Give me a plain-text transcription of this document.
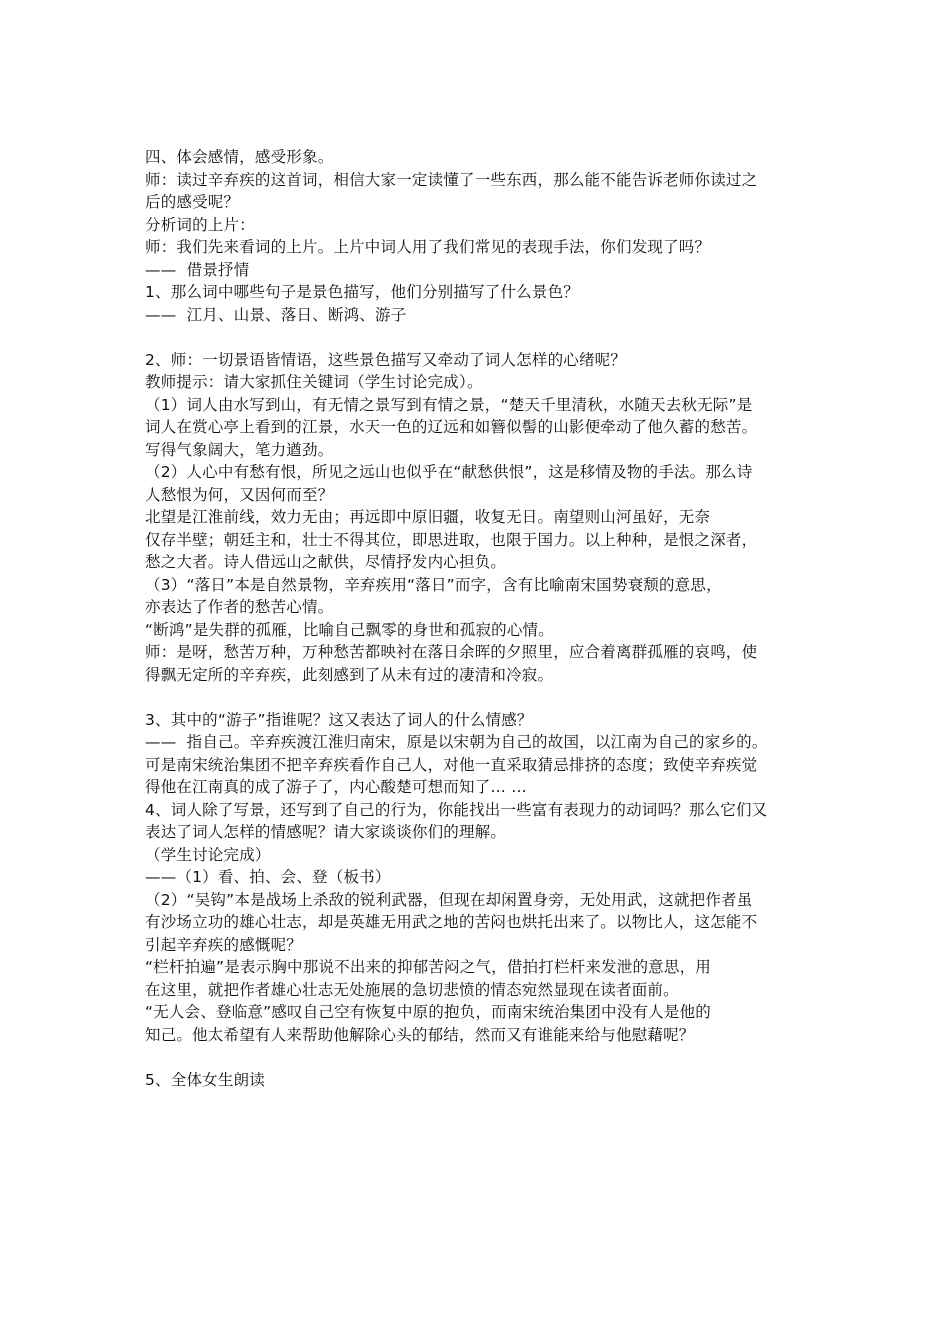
四、体会感情，感受形象。

师：读过辛弃疾的这首词，相信大家一定读懂了一些东西，那么能不能告诉老师你读过之

后的感受呢？

分析词的上片：

师：我们先来看词的上片。上片中词人用了我们常见的表现手法，你们发现了吗？

——  借景抒情

1、那么词中哪些句子是景色描写，他们分别描写了什么景色？

——  江月、山景、落日、断鸿、游子

2、师：一切景语皆情语，这些景色描写又牵动了词人怎样的心绪呢？

教师提示：请大家抓住关键词（学生讨论完成）。

（1）词人由水写到山，有无情之景写到有情之景，“楚天千里清秋，水随天去秋无际”是

词人在赏心亭上看到的江景，水天一色的辽远和如簪似髻的山影便牵动了他久蓄的愁苦。

写得气象阔大，笔力遒劲。

（2）人心中有愁有恨，所见之远山也似乎在“献愁供恨”，这是移情及物的手法。那么诗

人愁恨为何，又因何而至？

北望是江淮前线，效力无由；再远即中原旧疆，收复无日。南望则山河虽好，无奈

仅存半壁；朝廷主和，壮士不得其位，即思进取，也限于国力。以上种种，是恨之深者，

愁之大者。诗人借远山之献供，尽情抒发内心担负。

（3）“落日”本是自然景物，辛弃疾用“落日”而字，含有比喻南宋国势衰颓的意思，

亦表达了作者的愁苦心情。

“断鸿”是失群的孤雁，比喻自己飘零的身世和孤寂的心情。

师：是呀，愁苦万种，万种愁苦都映衬在落日余晖的夕照里，应合着离群孤雁的哀鸣，使

得飘无定所的辛弃疾，此刻感到了从未有过的凄清和冷寂。

3、其中的“游子”指谁呢？这又表达了词人的什么情感？

——  指自己。辛弃疾渡江淮归南宋，原是以宋朝为自己的故国，以江南为自己的家乡的。

可是南宋统治集团不把辛弃疾看作自己人，对他一直采取猜忌排挤的态度；致使辛弃疾觉

得他在江南真的成了游子了，内心酸楚可想而知了… …

4、词人除了写景，还写到了自己的行为，你能找出一些富有表现力的动词吗？那么它们又

表达了词人怎样的情感呢？请大家谈谈你们的理解。

（学生讨论完成）

——（1）看、拍、会、登（板书）

（2）“吴钩”本是战场上杀敌的锐利武器，但现在却闲置身旁，无处用武，这就把作者虽

有沙场立功的雄心壮志，却是英雄无用武之地的苦闷也烘托出来了。以物比人，这怎能不

引起辛弃疾的感慨呢？

“栏杆拍遍”是表示胸中那说不出来的抑郁苦闷之气，借拍打栏杆来发泄的意思，用

在这里，就把作者雄心壮志无处施展的急切悲愤的情态宛然显现在读者面前。

“无人会、登临意”感叹自己空有恢复中原的抱负，而南宋统治集团中没有人是他的

知己。他太希望有人来帮助他解除心头的郁结，然而又有谁能来给与他慰藉呢？

5、全体女生朗读
